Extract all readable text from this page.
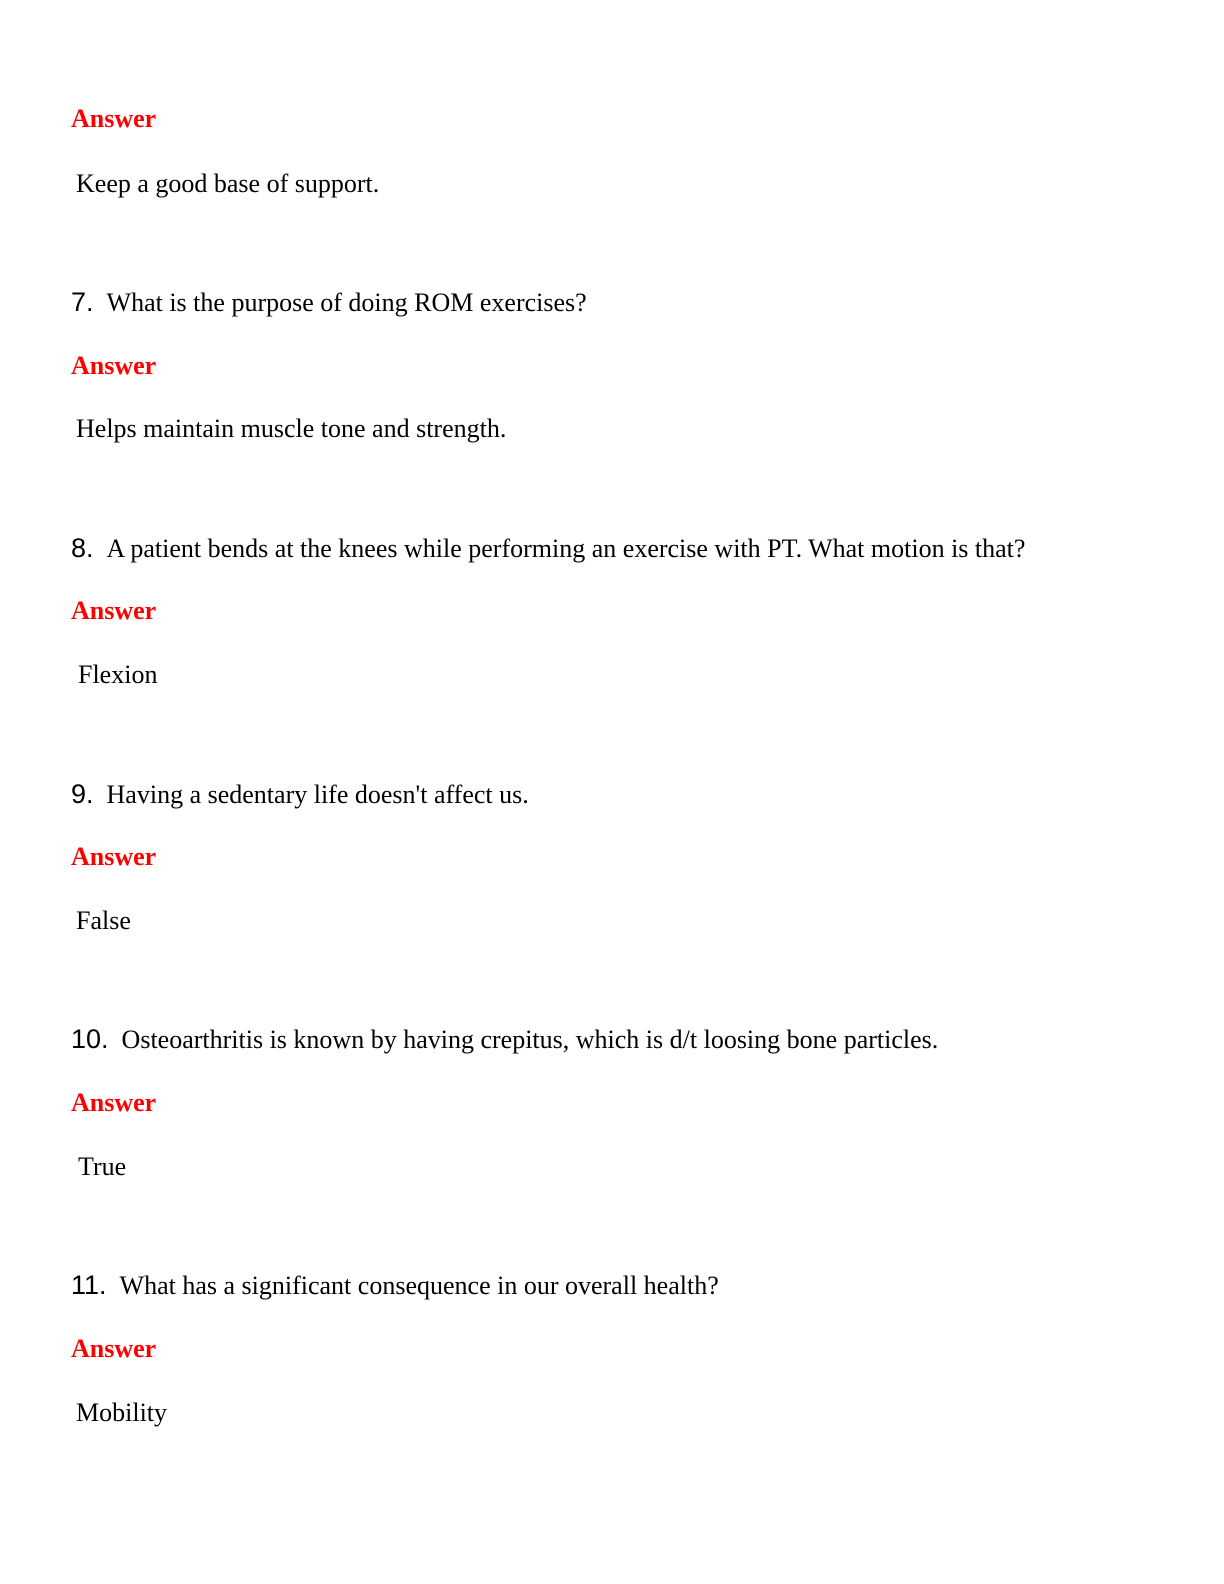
Answer
Keep a good base of support.
7. What is the purpose of doing ROM exercises?
Answer
Helps maintain muscle tone and strength.
8. A patient bends at the knees while performing an exercise with PT. What motion is that?
Answer
Flexion
9. Having a sedentary life doesn't affect us.
Answer
False
10. Osteoarthritis is known by having crepitus, which is d/t loosing bone particles.
Answer
True
11. What has a significant consequence in our overall health?
Answer
Mobility
